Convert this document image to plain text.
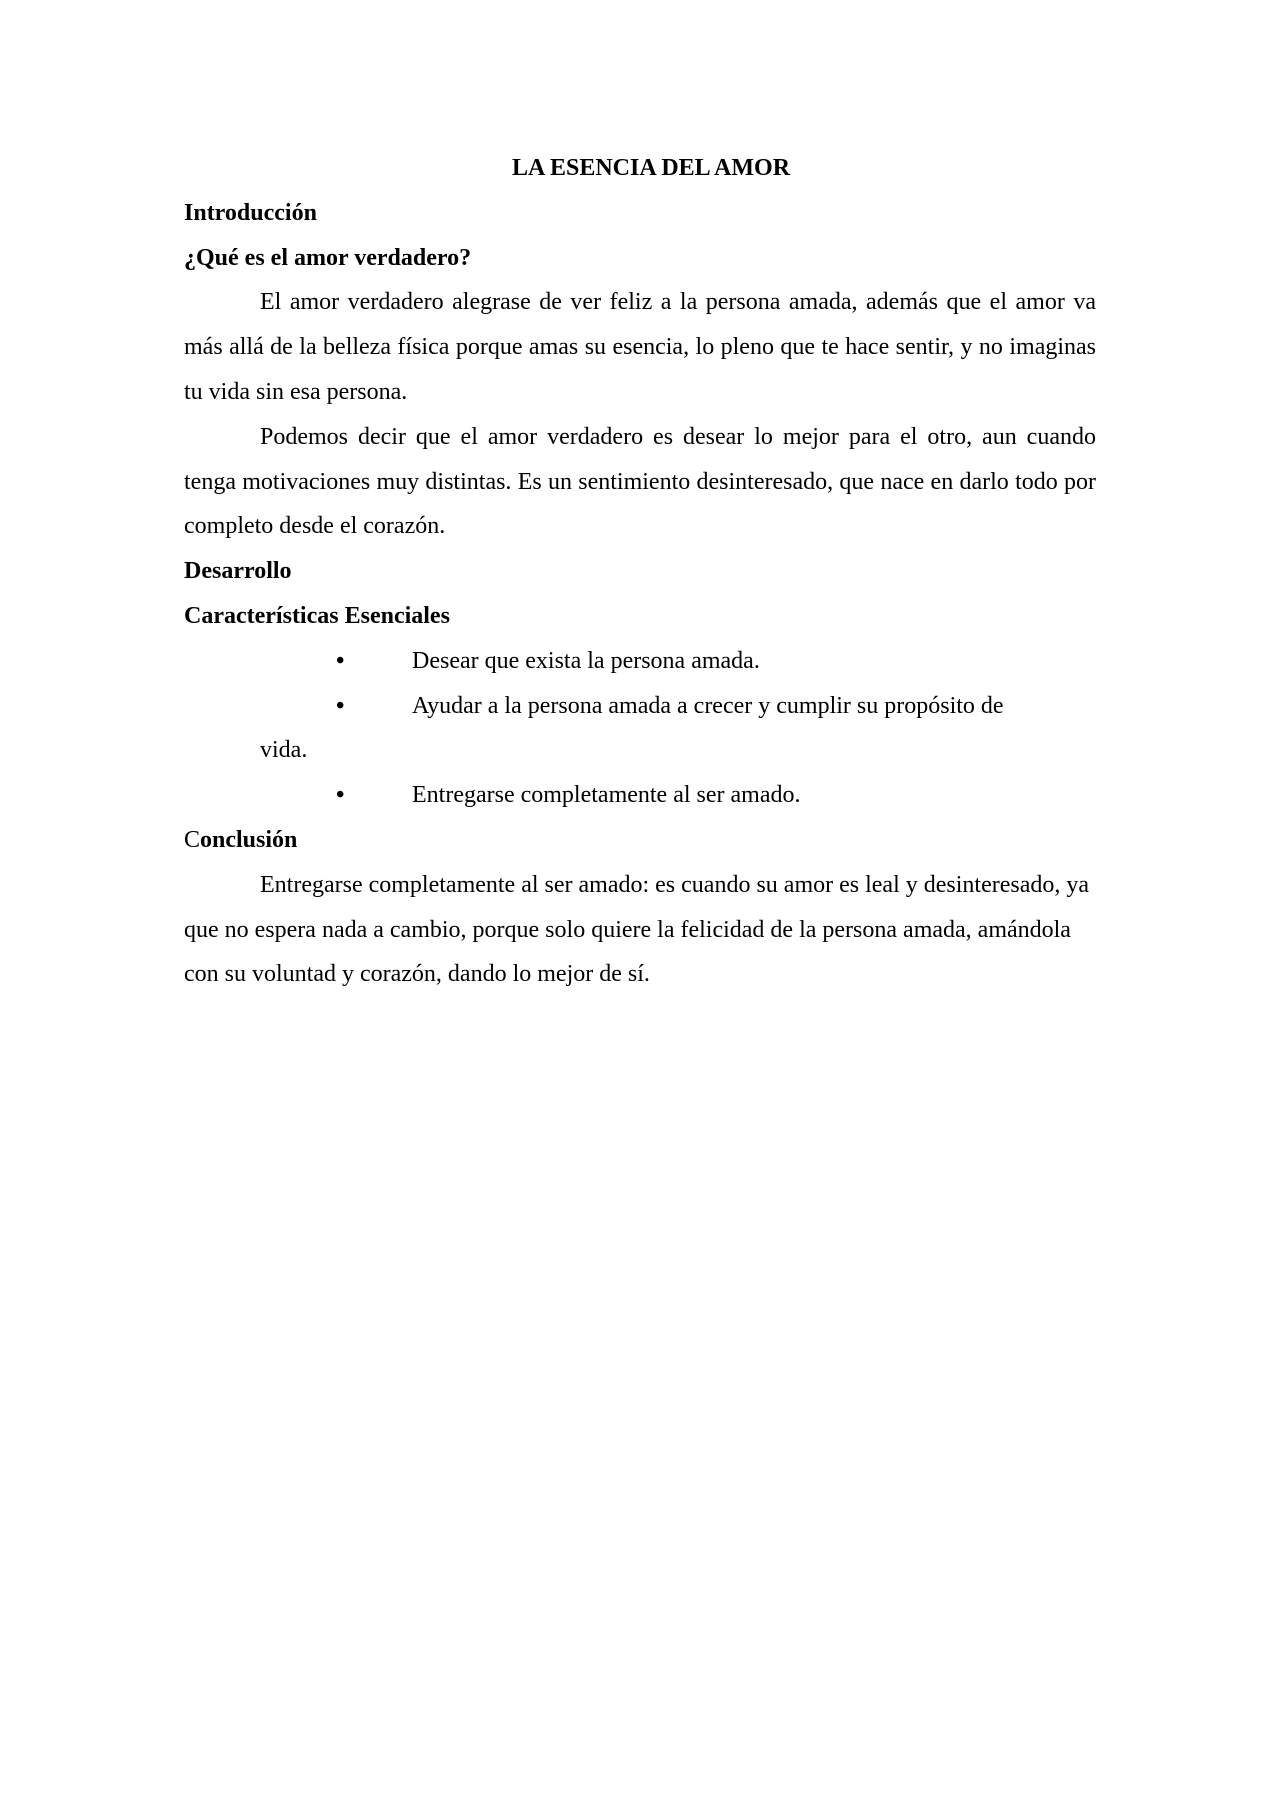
LA ESENCIA DEL AMOR

Introducción

¿Qué es el amor verdadero?

El amor verdadero alegrase de ver feliz a la persona amada, además que el amor va más allá de la belleza física porque amas su esencia, lo pleno que te hace sentir, y no imaginas tu vida sin esa persona.

Podemos decir que el amor verdadero es desear lo mejor para el otro, aun cuando tenga motivaciones muy distintas. Es un sentimiento desinteresado, que nace en darlo todo por completo desde el corazón.

Desarrollo

Características Esenciales

•	Desear que exista la persona amada.
•	Ayudar a la persona amada a crecer y cumplir su propósito de
vida.
•	Entregarse completamente al ser amado.

Conclusión

Entregarse completamente al ser amado: es cuando su amor es leal y desinteresado, ya que no espera nada a cambio, porque solo quiere la felicidad de la persona amada, amándola con su voluntad y corazón, dando lo mejor de sí.
